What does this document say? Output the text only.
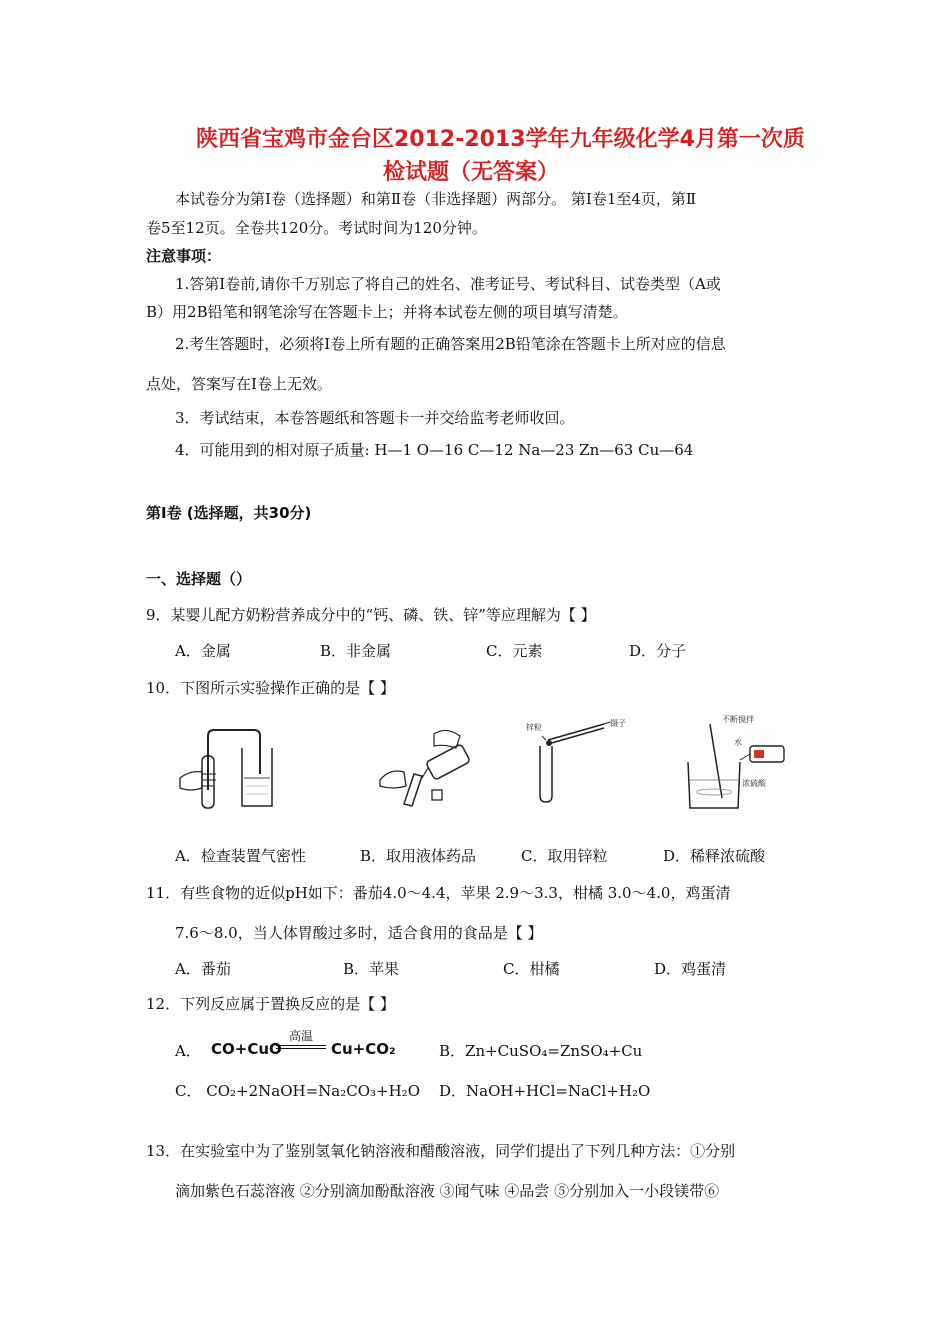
陕西省宝鸡市金台区2012-2013学年九年级化学4月第一次质
检试题（无答案）
本试卷分为第Ⅰ卷（选择题）和第Ⅱ卷（非选择题）两部分。 第Ⅰ卷1至4页，第Ⅱ
卷5至12页。全卷共120分。考试时间为120分钟。
注意事项：
1.答第Ⅰ卷前,请你千万别忘了将自己的姓名、准考证号、考试科目、试卷类型（A或
B）用2B铅笔和钢笔涂写在答题卡上；并将本试卷左侧的项目填写清楚。
2.考生答题时，必须将Ⅰ卷上所有题的正确答案用2B铅笔涂在答题卡上所对应的信息
点处，答案写在Ⅰ卷上无效。
3．考试结束，本卷答题纸和答题卡一并交给监考老师收回。
4．可能用到的相对原子质量: H—1 O—16 C—12 Na—23 Zn—63 Cu—64
第Ⅰ卷 (选择题，共30分)
一、选择题（）
9．某婴儿配方奶粉营养成分中的“钙、磷、铁、锌”等应理解为【 】
A．金属	B．非金属	C．元素	D．分子
10．下图所示实验操作正确的是【 】
锌粒	镊子	不断搅拌
水
浓硫酸
A．检查装置气密性	B．取用液体药品	C．取用锌粒	D．稀释浓硫酸
11．有些食物的近似pH如下：番茄4.0～4.4，苹果 2.9～3.3，柑橘 3.0～4.0，鸡蛋清
7.6～8.0，当人体胃酸过多时，适合食用的食品是【 】
A．番茄	B．苹果	C．柑橘	D．鸡蛋清
12．下列反应属于置换反应的是【 】
A． CO+CuO
高温
Cu+CO₂	B．Zn+CuSO₄=ZnSO₄+Cu
C． CO₂+2NaOH=Na₂CO₃+H₂O D．NaOH+HCl=NaCl+H₂O
13．在实验室中为了鉴别氢氧化钠溶液和醋酸溶液，同学们提出了下列几种方法：①分别
滴加紫色石蕊溶液 ②分别滴加酚酞溶液 ③闻气味 ④品尝 ⑤分别加入一小段镁带⑥
